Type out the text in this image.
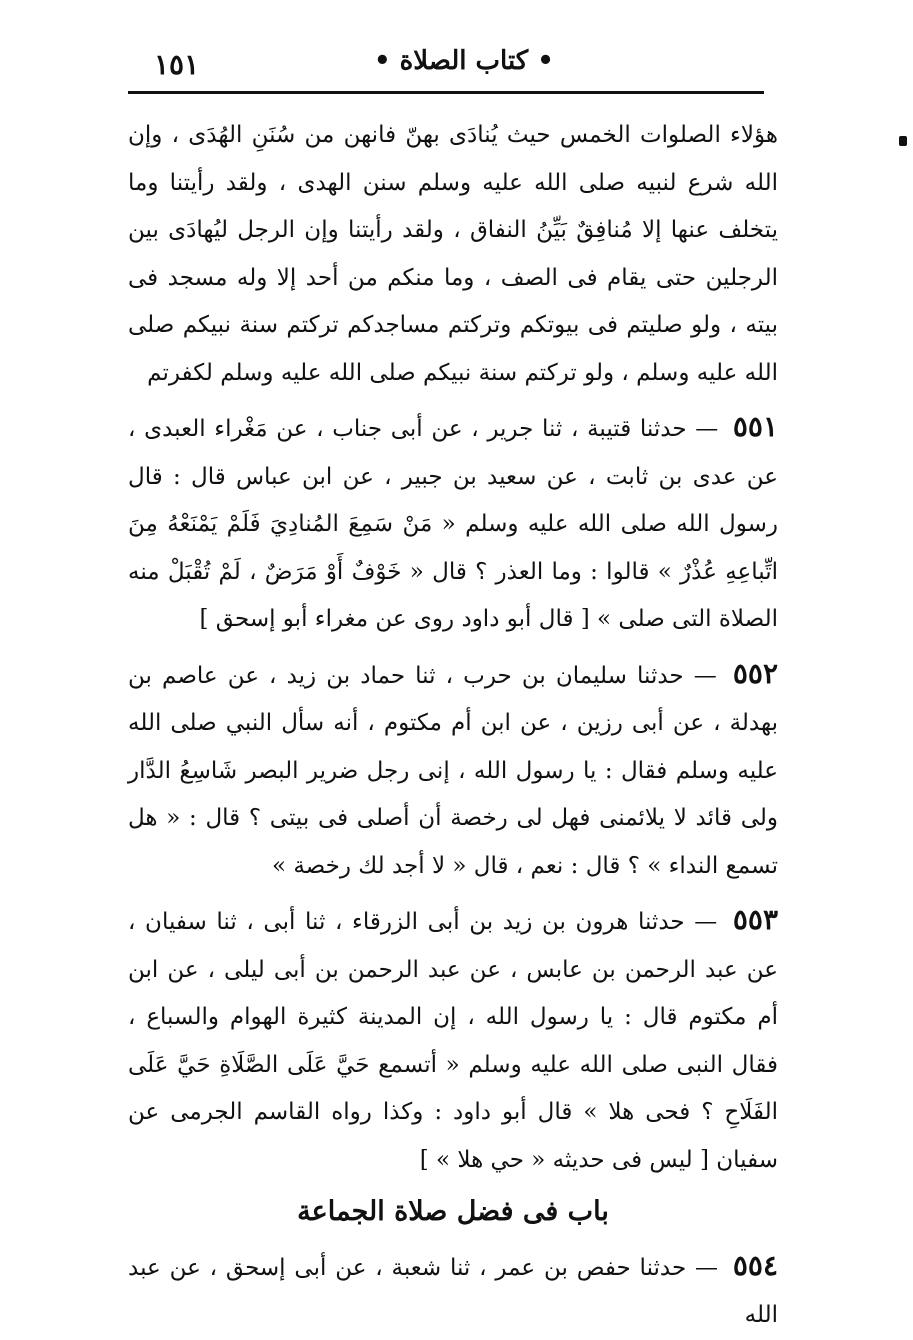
١٥١	• كتاب الصلاة •

هؤلاء الصلوات الخمس حيث يُنادَى بهنّ فانهن من سُنَنِ الهُدَى ، وإن الله شرع لنبيه صلى الله عليه وسلم سنن الهدى ، ولقد رأيتنا وما يتخلف عنها إلا مُنافِقٌ بَيِّنُ النفاق ، ولقد رأيتنا وإن الرجل ليُهادَى بين الرجلين حتى يقام فى الصف ، وما منكم من أحد إلا وله مسجد فى بيته ، ولو صليتم فى بيوتكم وتركتم مساجدكم تركتم سنة نبيكم صلى الله عليه وسلم ، ولو تركتم سنة نبيكم صلى الله عليه وسلم لكفرتم

٥٥١ — حدثنا قتيبة ، ثنا جرير ، عن أبى جناب ، عن مَغْراء العبدى ، عن عدى بن ثابت ، عن سعيد بن جبير ، عن ابن عباس قال : قال رسول الله صلى الله عليه وسلم « مَنْ سَمِعَ المُنادِيَ فَلَمْ يَمْنَعْهُ مِنَ اتِّباعِهِ عُذْرٌ » قالوا : وما العذر ؟ قال « خَوْفٌ أَوْ مَرَضٌ ، لَمْ تُقْبَلْ منه الصلاة التى صلى » [ قال أبو داود روى عن مغراء أبو إسحق ]

٥٥٢ — حدثنا سليمان بن حرب ، ثنا حماد بن زيد ، عن عاصم بن بهدلة ، عن أبى رزين ، عن ابن أم مكتوم ، أنه سأل النبي صلى الله عليه وسلم فقال : يا رسول الله ، إنى رجل ضرير البصر شَاسِعُ الدَّار ولى قائد لا يلائمنى فهل لى رخصة أن أصلى فى بيتى ؟ قال : « هل تسمع النداء » ؟ قال : نعم ، قال « لا أجد لك رخصة »

٥٥٣ — حدثنا هرون بن زيد بن أبى الزرقاء ، ثنا أبى ، ثنا سفيان ، عن عبد الرحمن بن عابس ، عن عبد الرحمن بن أبى ليلى ، عن ابن أم مكتوم قال : يا رسول الله ، إن المدينة كثيرة الهوام والسباع ، فقال النبى صلى الله عليه وسلم « أتسمع حَيَّ عَلَى الصَّلَاةِ حَيَّ عَلَى الفَلَاحِ ؟ فحى هلا » قال أبو داود : وكذا رواه القاسم الجرمى عن سفيان [ ليس فى حديثه « حي هلا » ]

باب فى فضل صلاة الجماعة

٥٥٤ — حدثنا حفص بن عمر ، ثنا شعبة ، عن أبى إسحق ، عن عبد الله
